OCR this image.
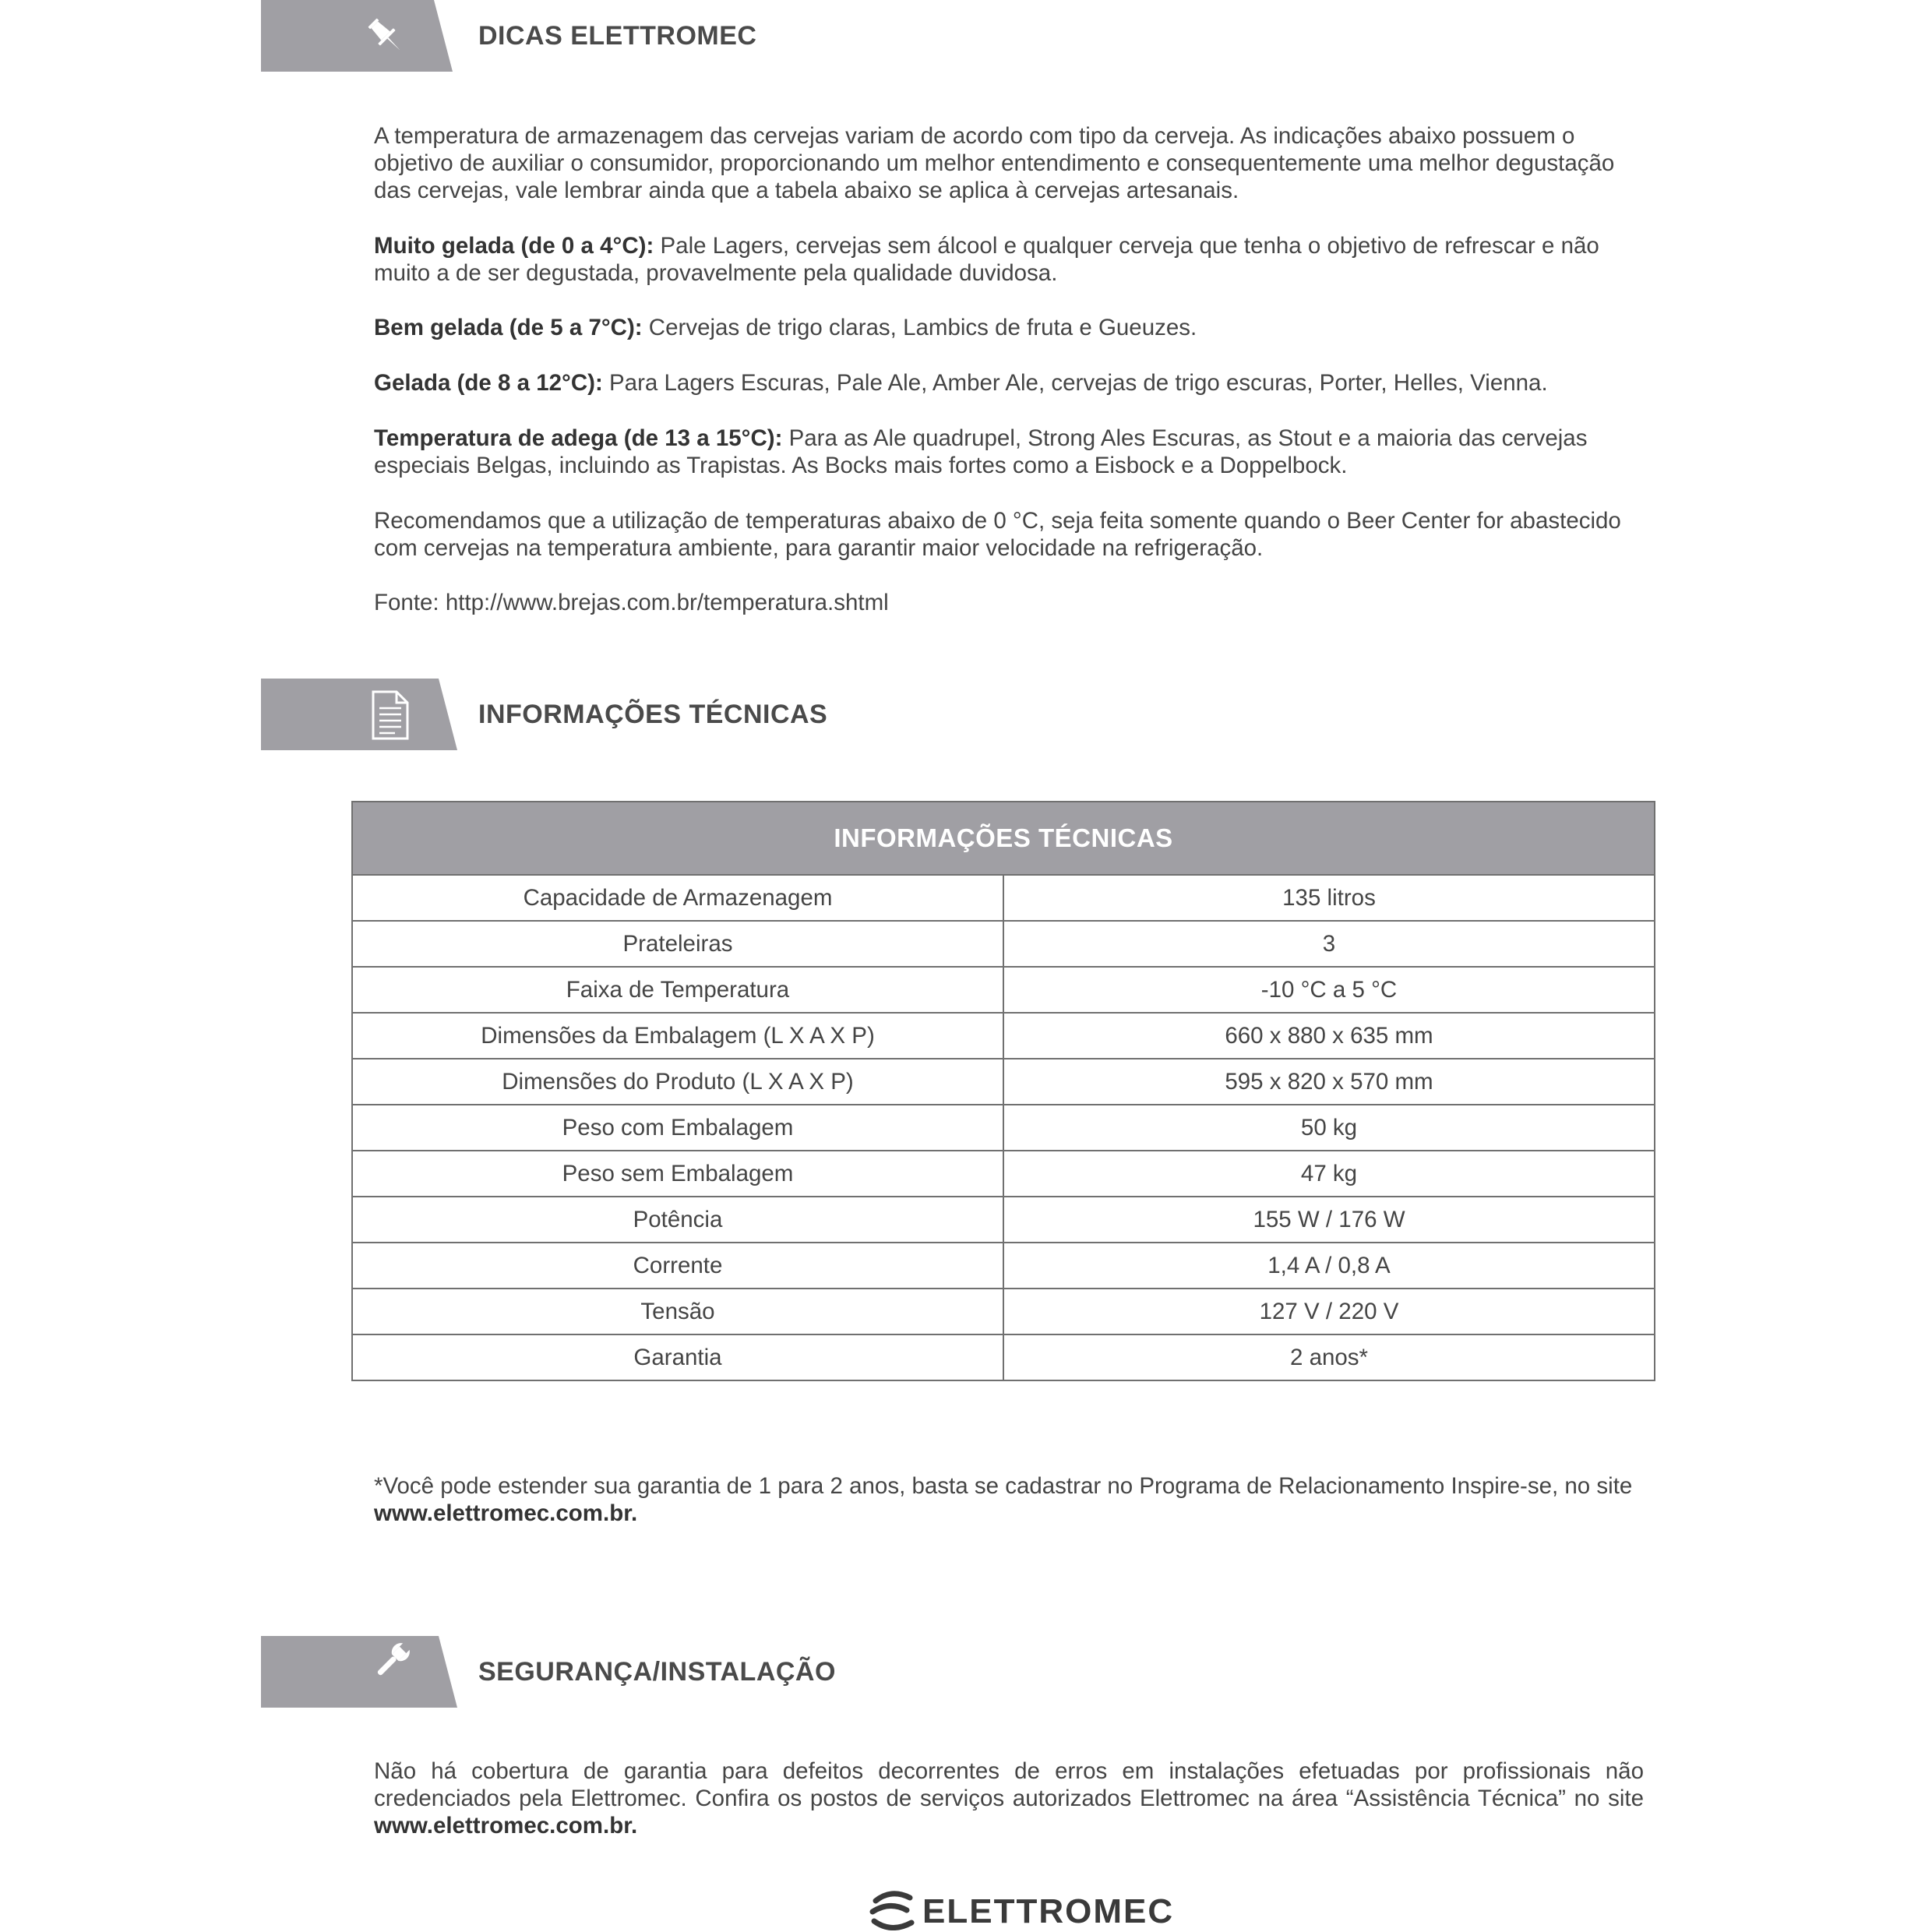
DICAS ELETTROMEC

A temperatura de armazenagem das cervejas variam de acordo com tipo da cerveja. As indicações abaixo possuem o objetivo de auxiliar o consumidor, proporcionando um melhor entendimento e consequentemente uma melhor degustação das cervejas, vale lembrar ainda que a tabela abaixo se aplica à cervejas artesanais.

Muito gelada (de 0 a 4°C): Pale Lagers, cervejas sem álcool e qualquer cerveja que tenha o objetivo de refrescar e não muito a de ser degustada, provavelmente pela qualidade duvidosa.

Bem gelada (de 5 a 7°C): Cervejas de trigo claras, Lambics de fruta e Gueuzes.

Gelada (de 8 a 12°C): Para Lagers Escuras, Pale Ale, Amber Ale, cervejas de trigo escuras, Porter, Helles, Vienna.

Temperatura de adega (de 13 a 15°C): Para as Ale quadrupel, Strong Ales Escuras, as Stout e a maioria das cervejas especiais Belgas, incluindo as Trapistas. As Bocks mais fortes como a Eisbock e a Doppelbock.

Recomendamos que a utilização de temperaturas abaixo de 0 °C, seja feita somente quando o Beer Center for abastecido com cervejas na temperatura ambiente, para garantir maior velocidade na refrigeração.

Fonte: http://www.brejas.com.br/temperatura.shtml

INFORMAÇÕES TÉCNICAS
INFORMAÇÕES TÉCNICAS	
Capacidade de Armazenagem	135 litros
Prateleiras	3
Faixa de Temperatura	-10 °C a 5 °C
Dimensões da Embalagem (L X A X P)	660 x 880 x 635 mm
Dimensões do Produto (L X A X P)	595 x 820 x 570 mm
Peso com Embalagem	50 kg
Peso sem Embalagem	47 kg
Potência	155 W / 176 W
Corrente	1,4 A / 0,8 A
Tensão	127 V / 220 V
Garantia	2 anos*

*Você pode estender sua garantia de 1 para 2 anos, basta se cadastrar no Programa de Relacionamento Inspire-se, no site www.elettromec.com.br.

SEGURANÇA/INSTALAÇÃO

Não há cobertura de garantia para defeitos decorrentes de erros em instalações efetuadas por profissionais não credenciados pela Elettromec. Confira os postos de serviços autorizados Elettromec na área “Assistência Técnica” no site www.elettromec.com.br.

ELETTROMEC
